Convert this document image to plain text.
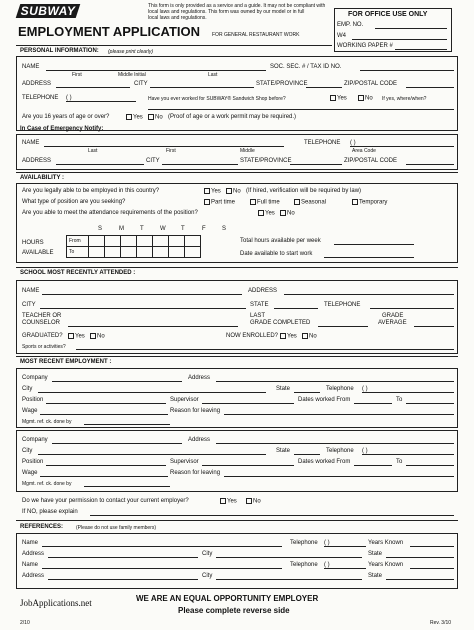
SUBWAY	This form is only provided as a service and a guide. It may not be compliant with
local laws and regulations. This form was owned by our model or in full
local laws and regulations.
EMPLOYMENT APPLICATION FOR GENERAL RESTAURANT WORK
FOR OFFICE USE ONLY
EMP. NO.
W4
WORKING PAPER #
PERSONAL INFORMATION: (please print clearly)
NAME	SOC. SEC. # / TAX ID NO.
First	Middle Initial	Last
ADDRESS	CITY	STATE/PROVINCE	ZIP/POSTAL CODE
TELEPHONE ( )	Have you ever worked for SUBWAY® Sandwich Shop before?	Yes	No If yes, where/when?
Are you 16 years of age or over?	Yes	No (Proof of age or a work permit may be required.)
In Case of Emergency Notify:
NAME	TELEPHONE ( )
Last	First	Middle	Area Code
ADDRESS	CITY	STATE/PROVINCE	ZIP/POSTAL CODE
AVAILABILITY :
Are you legally able to be employed in this country?	Yes	No (If hired, verification will be required by law)
What type of position are you seeking?	Part time	Full time	Seasonal	Temporary
Are you able to meet the attendance requirements of the position?	Yes	No
S	M	T	W	T	F	S
HOURS
AVAILABLE
From							
To							
Total hours available per week
Date available to start work
SCHOOL MOST RECENTLY ATTENDED :
NAME	ADDRESS
CITY	STATE	TELEPHONE
TEACHER OR
COUNSELOR
LAST
GRADE COMPLETED
GRADE
AVERAGE
GRADUATED?	Yes	No	NOW ENROLLED?	Yes	No
Sports or activities?
MOST RECENT EMPLOYMENT :
Company	Address
City	State	Telephone ( )
Position	Supervisor	Dates worked From	To
Wage	Reason for leaving
Mgmt. ref. ck. done by
Company	Address
City	State	Telephone ( )
Position	Supervisor	Dates worked From	To
Wage	Reason for leaving
Mgmt. ref. ck. done by
Do we have your permission to contact your current employer?	Yes	No
If NO, please explain
REFERENCES:	(Please do not use family members)
Name	Telephone ( )	Years Known
Address	City	State
Name	Telephone ( )	Years Known
Address	City	State
JobApplications.net	WE ARE AN EQUAL OPPORTUNITY EMPLOYER
Please complete reverse side
2/10	Rev. 3/10
